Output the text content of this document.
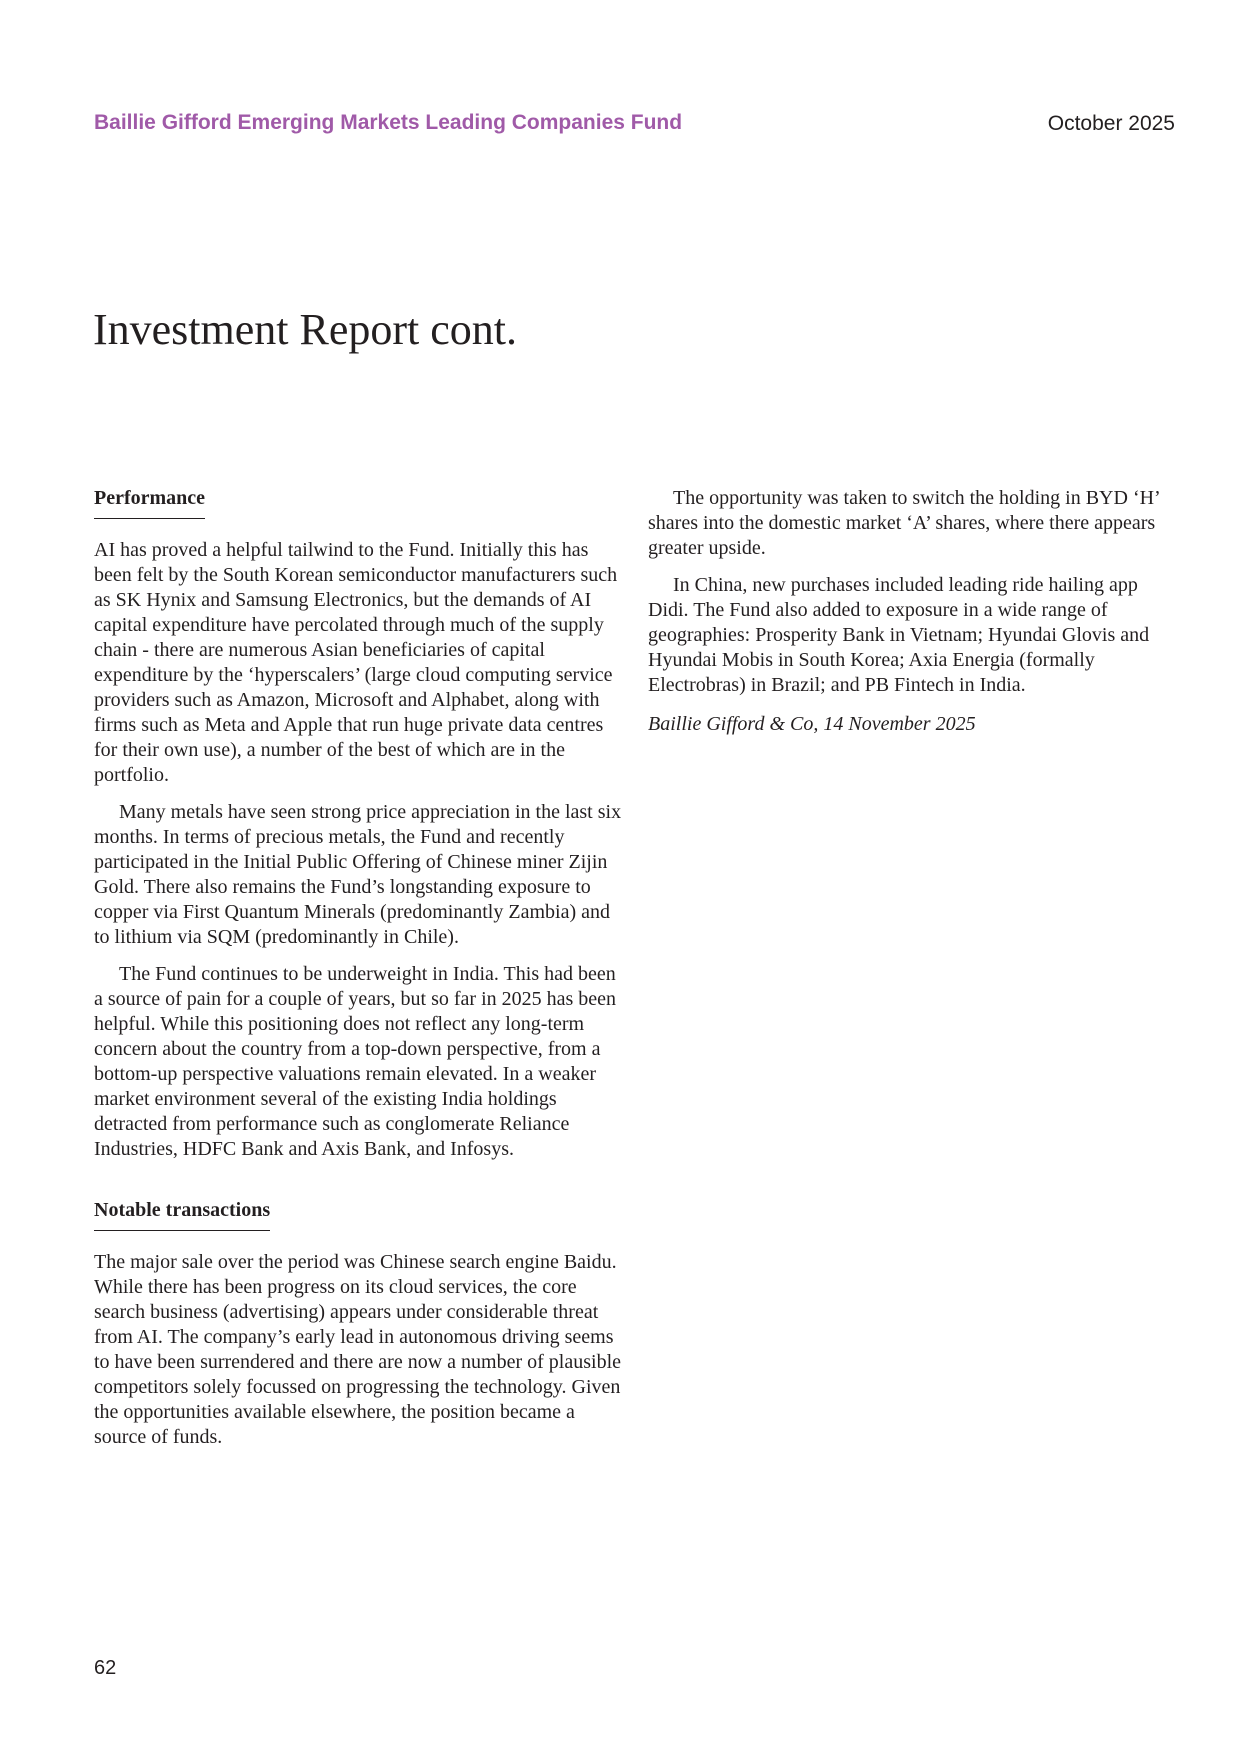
Baillie Gifford Emerging Markets Leading Companies Fund	October 2025
Investment Report cont.
Performance

AI has proved a helpful tailwind to the Fund. Initially this has been felt by the South Korean semiconductor manufacturers such as SK Hynix and Samsung Electronics, but the demands of AI capital expenditure have percolated through much of the supply chain - there are numerous Asian beneficiaries of capital expenditure by the ‘hyperscalers’ (large cloud computing service providers such as Amazon, Microsoft and Alphabet, along with firms such as Meta and Apple that run huge private data centres for their own use), a number of the best of which are in the portfolio.

Many metals have seen strong price appreciation in the last six months. In terms of precious metals, the Fund and recently participated in the Initial Public Offering of Chinese miner Zijin Gold. There also remains the Fund’s longstanding exposure to copper via First Quantum Minerals (predominantly Zambia) and to lithium via SQM (predominantly in Chile).

The Fund continues to be underweight in India. This had been a source of pain for a couple of years, but so far in 2025 has been helpful. While this positioning does not reflect any long-term concern about the country from a top-down perspective, from a bottom-up perspective valuations remain elevated. In a weaker market environment several of the existing India holdings detracted from performance such as conglomerate Reliance Industries, HDFC Bank and Axis Bank, and Infosys.

Notable transactions

The major sale over the period was Chinese search engine Baidu. While there has been progress on its cloud services, the core search business (advertising) appears under considerable threat from AI. The company’s early lead in autonomous driving seems to have been surrendered and there are now a number of plausible competitors solely focussed on progressing the technology. Given the opportunities available elsewhere, the position became a source of funds.

The opportunity was taken to switch the holding in BYD ‘H’ shares into the domestic market ‘A’ shares, where there appears greater upside.

In China, new purchases included leading ride hailing app Didi. The Fund also added to exposure in a wide range of geographies: Prosperity Bank in Vietnam; Hyundai Glovis and Hyundai Mobis in South Korea; Axia Energia (formally Electrobras) in Brazil; and PB Fintech in India.

Baillie Gifford & Co, 14 November 2025

62
